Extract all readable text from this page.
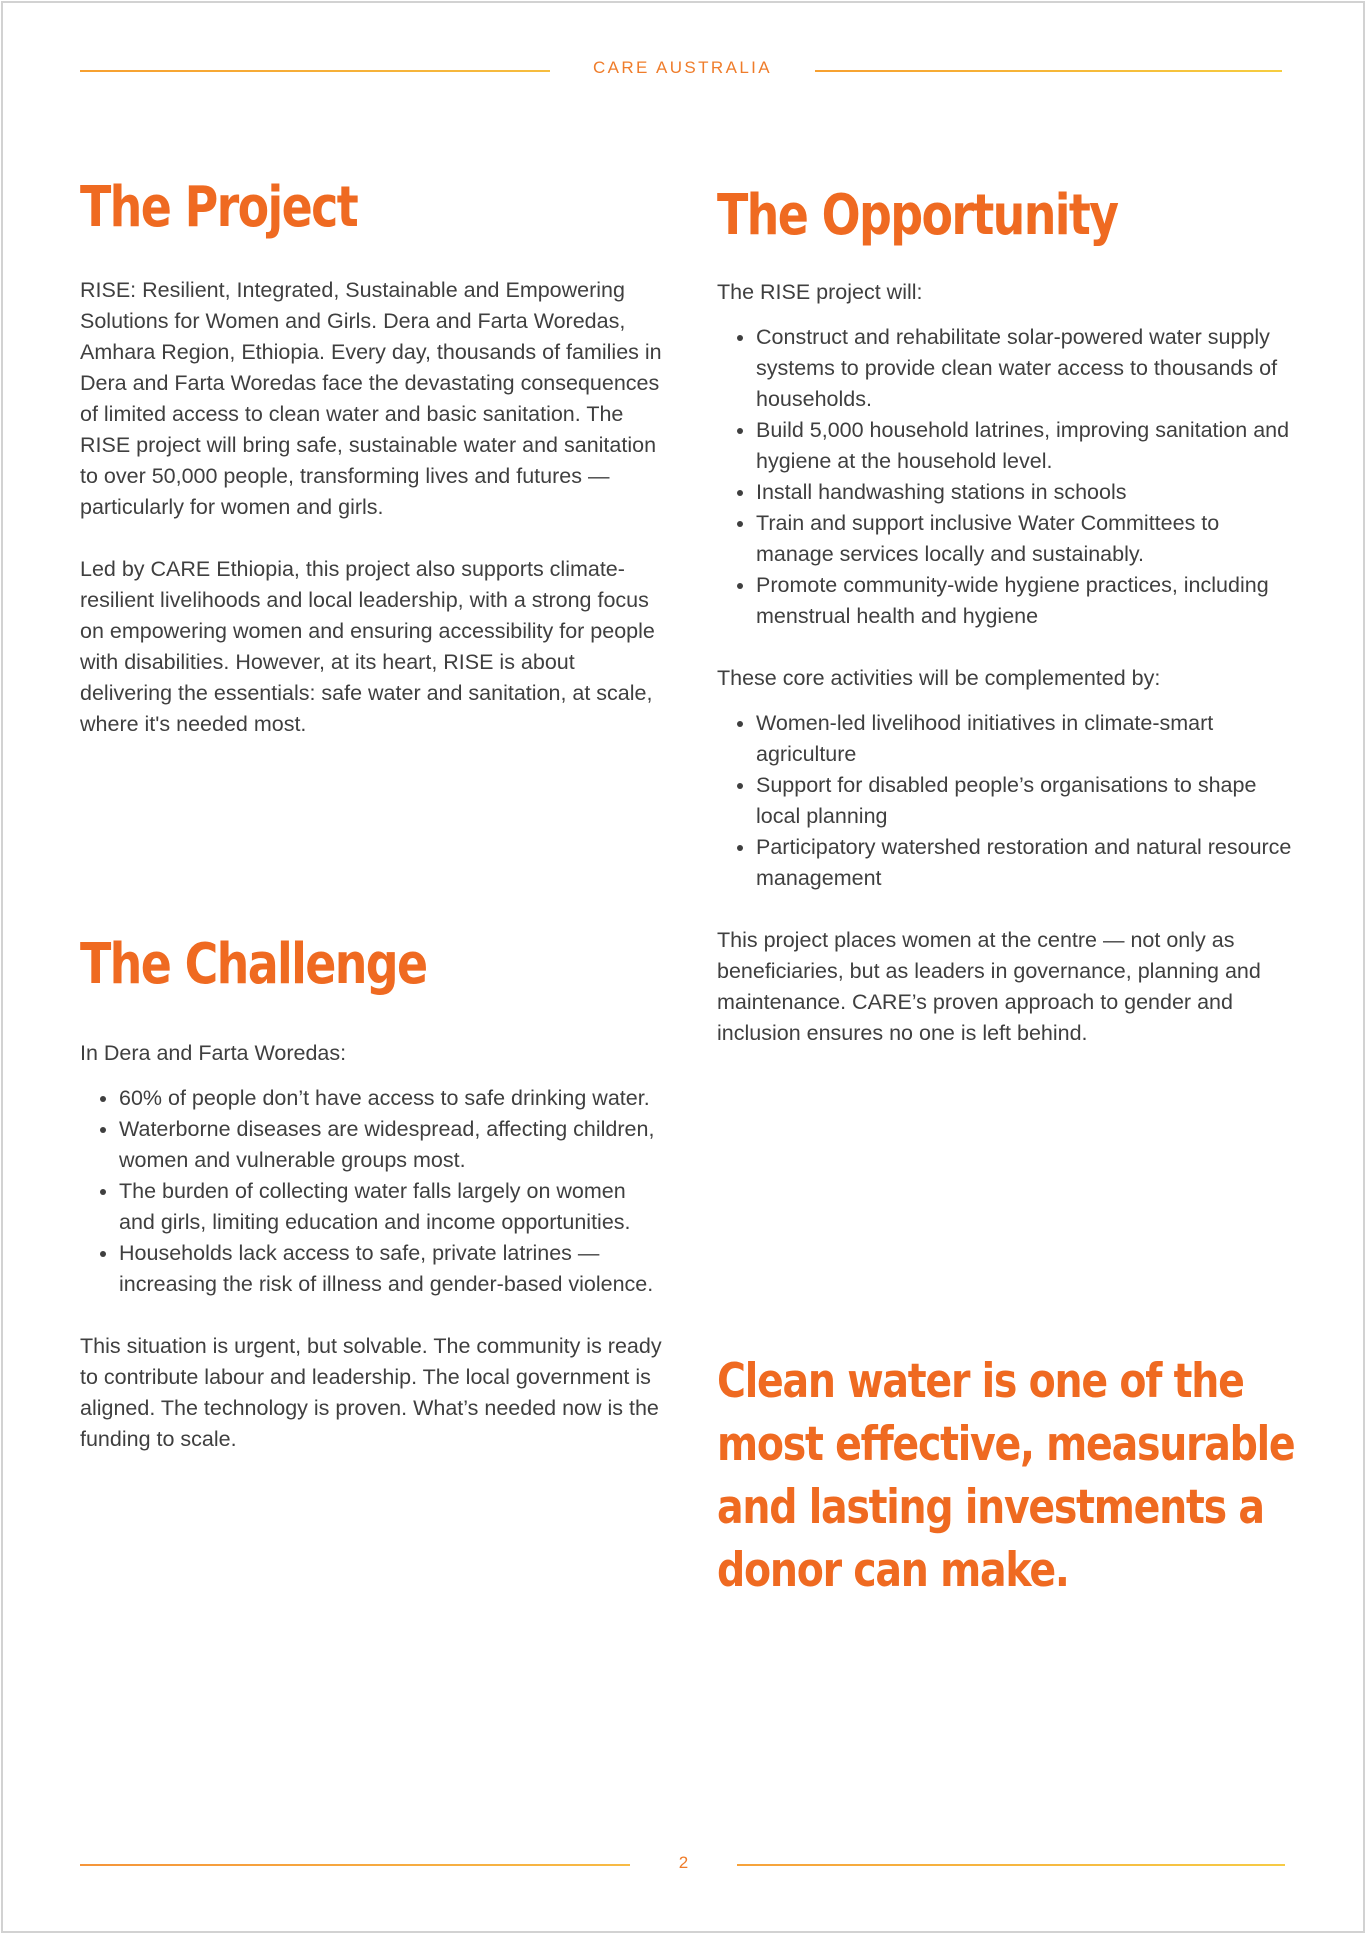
CARE AUSTRALIA
The Project

RISE: Resilient, Integrated, Sustainable and Empowering Solutions for Women and Girls. Dera and Farta Woredas, Amhara Region, Ethiopia. Every day, thousands of families in Dera and Farta Woredas face the devastating consequences of limited access to clean water and basic sanitation. The RISE project will bring safe, sustainable water and sanitation to over 50,000 people, transforming lives and futures — particularly for women and girls.

Led by CARE Ethiopia, this project also supports climate-resilient livelihoods and local leadership, with a strong focus on empowering women and ensuring accessibility for people with disabilities. However, at its heart, RISE is about delivering the essentials: safe water and sanitation, at scale, where it's needed most.

The Challenge

In Dera and Farta Woredas:

• 60% of people don’t have access to safe drinking water.
• Waterborne diseases are widespread, affecting children, women and vulnerable groups most.
• The burden of collecting water falls largely on women and girls, limiting education and income opportunities.
• Households lack access to safe, private latrines — increasing the risk of illness and gender-based violence.

This situation is urgent, but solvable. The community is ready to contribute labour and leadership. The local government is aligned. The technology is proven. What’s needed now is the funding to scale.

The Opportunity

The RISE project will:

• Construct and rehabilitate solar-powered water supply systems to provide clean water access to thousands of households.
• Build 5,000 household latrines, improving sanitation and hygiene at the household level.
• Install handwashing stations in schools
• Train and support inclusive Water Committees to manage services locally and sustainably.
• Promote community-wide hygiene practices, including menstrual health and hygiene

These core activities will be complemented by:

• Women-led livelihood initiatives in climate-smart agriculture
• Support for disabled people’s organisations to shape local planning
• Participatory watershed restoration and natural resource management

This project places women at the centre — not only as beneficiaries, but as leaders in governance, planning and maintenance. CARE’s proven approach to gender and inclusion ensures no one is left behind.

Clean water is one of the
most effective, measurable
and lasting investments a
donor can make.
2
